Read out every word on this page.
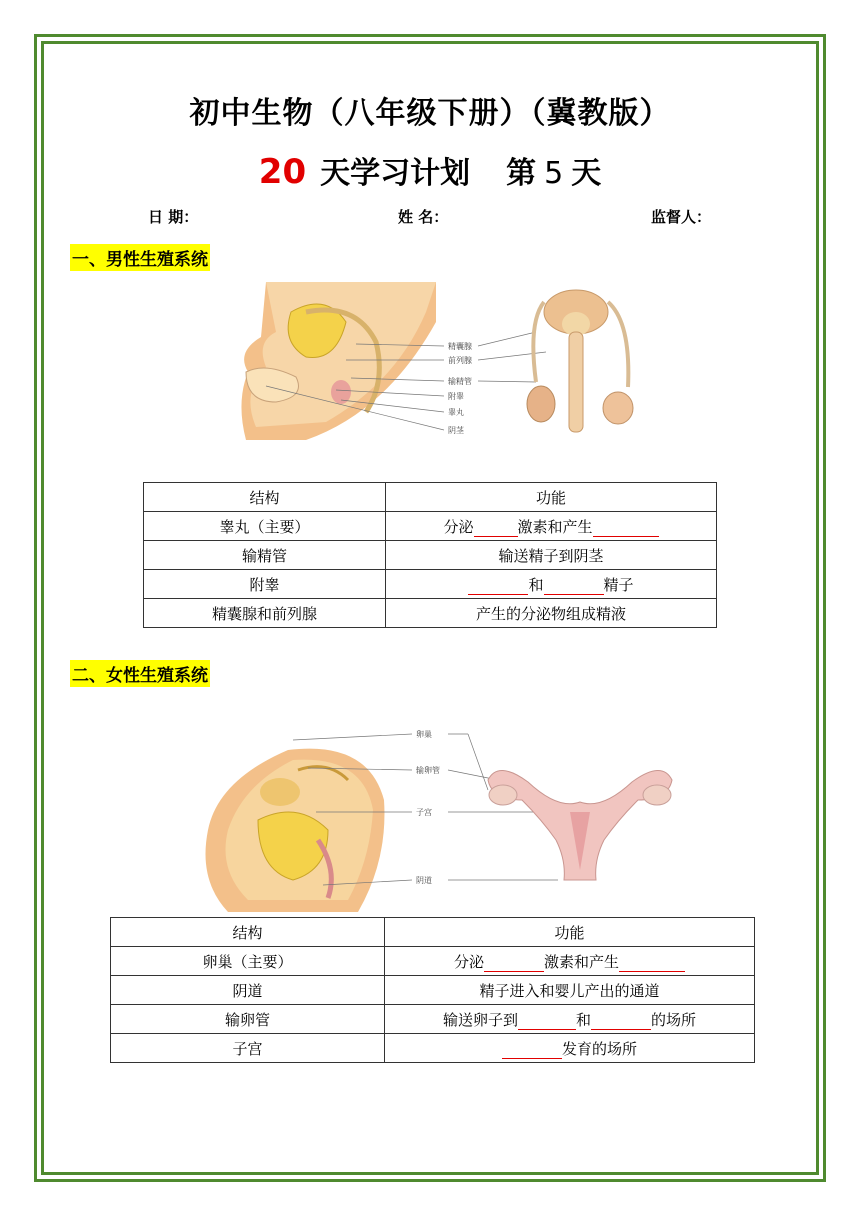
初中生物（八年级下册）（冀教版）
20 天学习计划 第 5 天
日 期：	姓 名：	监督人：
一、男性生殖系统
精囊腺
前列腺
输精管
附睾
睾丸
阴茎
结构	功能
睾丸（主要）	分泌 激素和产生
输精管	输送精子到阴茎
附睾	和 精子
精囊腺和前列腺	产生的分泌物组成精液
二、女性生殖系统
卵巢
输卵管
子宫
阴道
结构	功能
卵巢（主要）	分泌 激素和产生
阴道	精子进入和婴儿产出的通道
输卵管	输送卵子到 和 的场所
子宫	发育的场所
